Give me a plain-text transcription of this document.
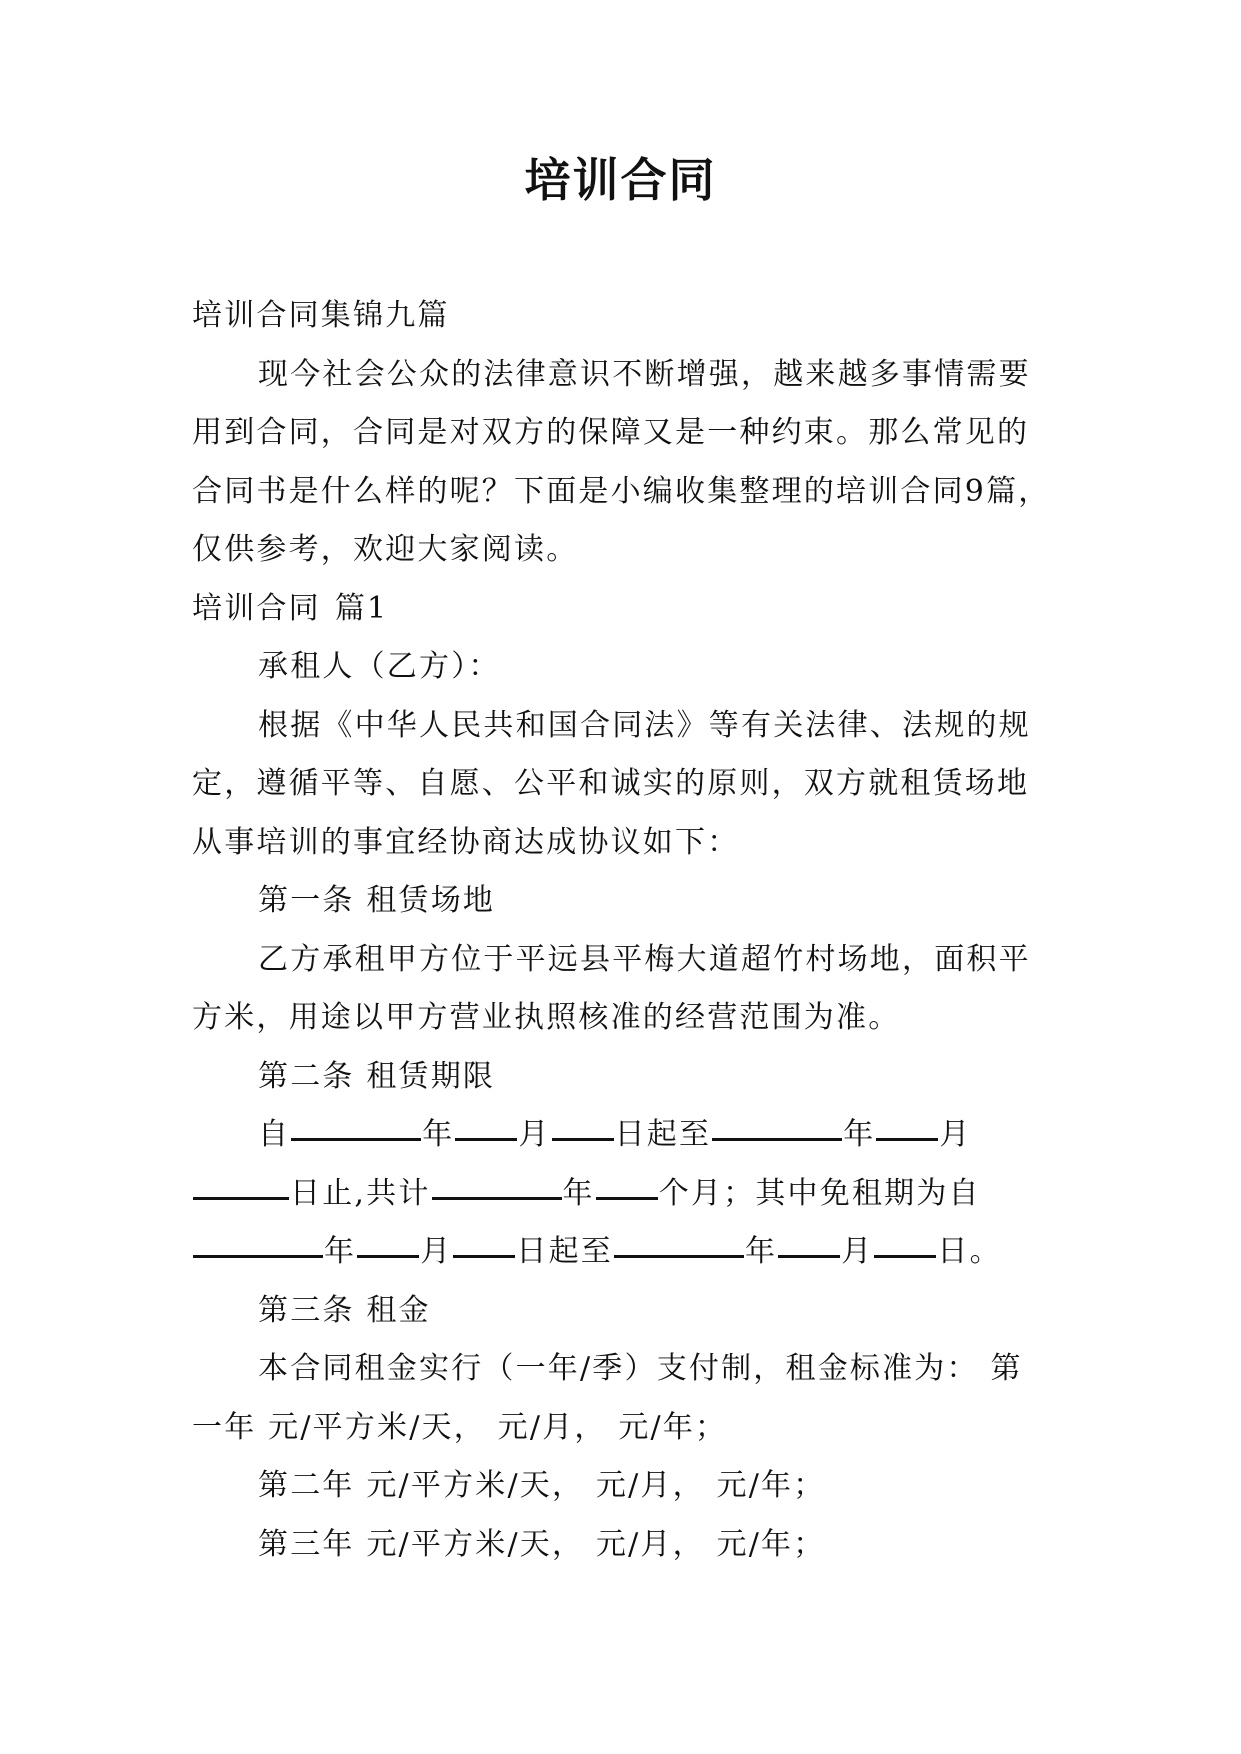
培训合同

培训合同集锦九篇

现今社会公众的法律意识不断增强，越来越多事情需要用到合同，合同是对双方的保障又是一种约束。那么常见的合同书是什么样的呢？下面是小编收集整理的培训合同9篇，仅供参考，欢迎大家阅读。

培训合同 篇1

承租人（乙方）：

根据《中华人民共和国合同法》等有关法律、法规的规定，遵循平等、自愿、公平和诚实的原则，双方就租赁场地从事培训的事宜经协商达成协议如下：

第一条 租赁场地

乙方承租甲方位于平远县平梅大道超竹村场地，面积平方米，用途以甲方营业执照核准的经营范围为准。

第二条 租赁期限

自	年 月 日起至	年 月日止,共计	年 个月；其中免租期为自年 月 日起至	年 月 日。

第三条 租金

本合同租金实行（一年/季）支付制，租金标准为： 第一年 元/平方米/天， 元/月， 元/年；

第二年 元/平方米/天， 元/月， 元/年；

第三年 元/平方米/天， 元/月， 元/年；
